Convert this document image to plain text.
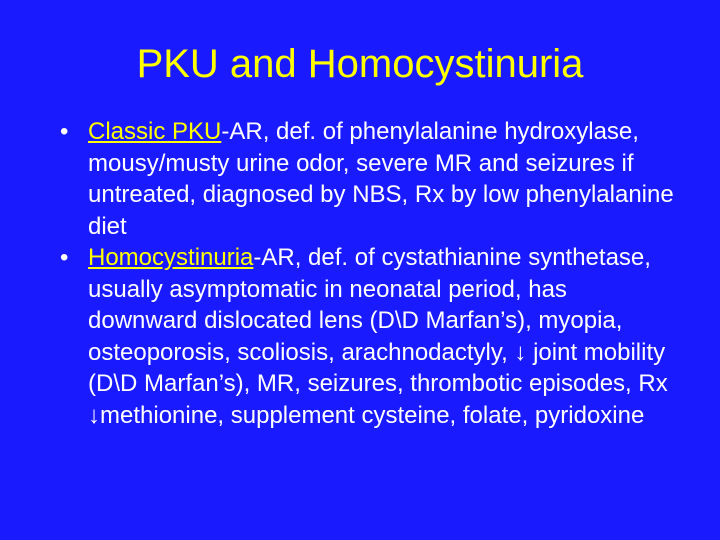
PKU and Homocystinuria
• Classic PKU-AR, def. of phenylalanine hydroxylase, mousy/musty urine odor, severe MR and seizures if untreated, diagnosed by NBS, Rx by low phenylalanine diet
• Homocystinuria-AR, def. of cystathianine synthetase, usually asymptomatic in neonatal period, has downward dislocated lens (D\D Marfan’s), myopia, osteoporosis, scoliosis, arachnodactyly, ↓ joint mobility (D\D Marfan’s), MR, seizures, thrombotic episodes, Rx ↓methionine, supplement cysteine, folate, pyridoxine
